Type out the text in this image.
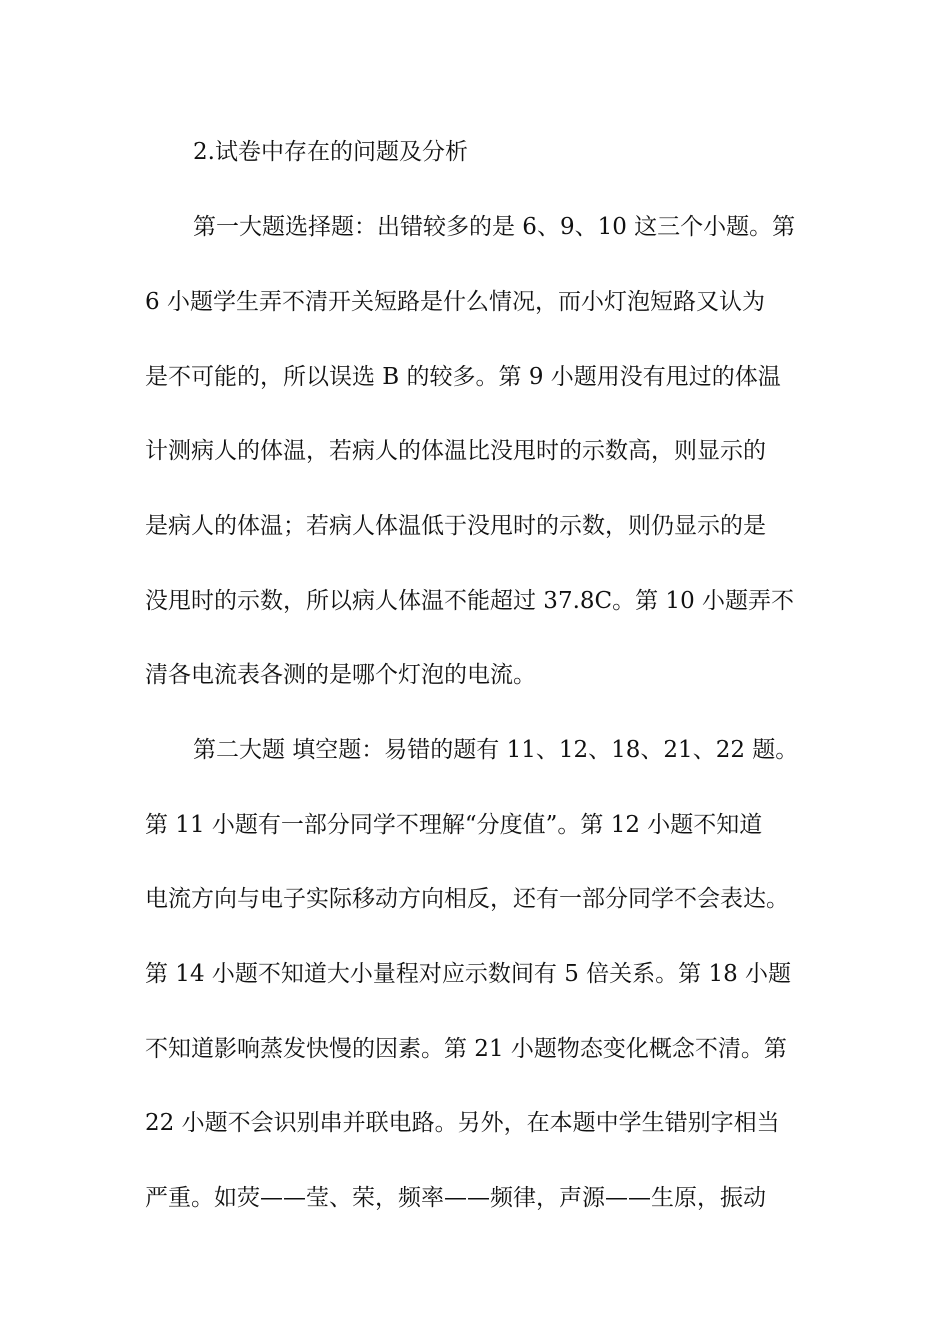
2.试卷中存在的问题及分析
第一大题选择题：出错较多的是 6、9、10 这三个小题。第
6 小题学生弄不清开关短路是什么情况，而小灯泡短路又认为
是不可能的，所以误选 B 的较多。第 9 小题用没有甩过的体温
计测病人的体温，若病人的体温比没甩时的示数高，则显示的
是病人的体温；若病人体温低于没甩时的示数，则仍显示的是
没甩时的示数，所以病人体温不能超过 37.8C。第 10 小题弄不
清各电流表各测的是哪个灯泡的电流。
第二大题 填空题：易错的题有 11、12、18、21、22 题。
第 11 小题有一部分同学不理解“分度值”。第 12 小题不知道
电流方向与电子实际移动方向相反，还有一部分同学不会表达。
第 14 小题不知道大小量程对应示数间有 5 倍关系。第 18 小题
不知道影响蒸发快慢的因素。第 21 小题物态变化概念不清。第
22 小题不会识别串并联电路。另外，在本题中学生错别字相当
严重。如荧——莹、荣，频率——频律，声源——生原，振动
